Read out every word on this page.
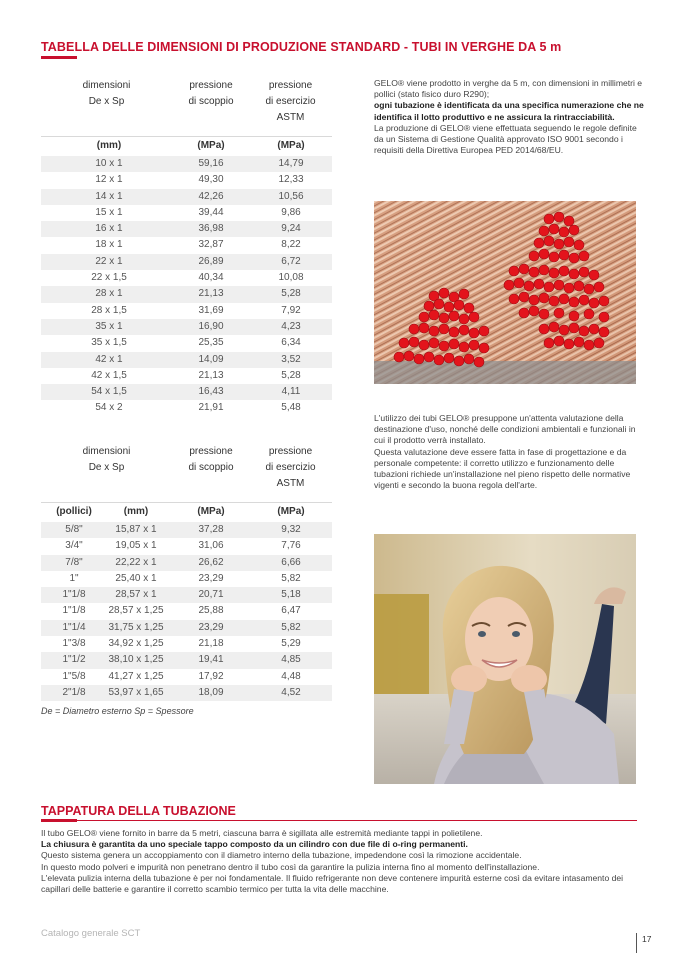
TABELLA DELLE DIMENSIONI DI PRODUZIONE STANDARD - TUBI IN VERGHE DA 5 m
dimensioni
De x Sp
pressione
di scoppio
pressione
di esercizio
ASTM
(mm)	(MPa)	(MPa)
10 x 1	59,16	14,79
12 x 1	49,30	12,33
14 x 1	42,26	10,56
15 x 1	39,44	9,86
16 x 1	36,98	9,24
18 x 1	32,87	8,22
22 x 1	26,89	6,72
22 x 1,5	40,34	10,08
28 x 1	21,13	5,28
28 x 1,5	31,69	7,92
35 x 1	16,90	4,23
35 x 1,5	25,35	6,34
42 x 1	14,09	3,52
42 x 1,5	21,13	5,28
54 x 1,5	16,43	4,11
54 x 2	21,91	5,48
dimensioni
De x Sp
pressione
di scoppio
pressione
di esercizio
ASTM
(pollici)	(mm)	(MPa)	(MPa)
5/8"	15,87 x 1	37,28	9,32
3/4"	19,05 x 1	31,06	7,76
7/8"	22,22 x 1	26,62	6,66
1"	25,40 x 1	23,29	5,82
1"1/8	28,57 x 1	20,71	5,18
1"1/8 28,57 x 1,25	25,88	6,47
1"1/4 31,75 x 1,25	23,29	5,82
1"3/8 34,92 x 1,25	21,18	5,29
1"1/2 38,10 x 1,25	19,41	4,85
1"5/8 41,27 x 1,25	17,92	4,48
2"1/8 53,97 x 1,65	18,09	4,52
De = Diametro esterno Sp = Spessore

GELO® viene prodotto in verghe da 5 m, con dimensioni in millimetri e pollici (stato fisico duro R290);

ogni tubazione è identificata da una specifica numerazione che ne identifica il lotto produttivo e ne assicura la rintracciabilità.

La produzione di GELO® viene effettuata seguendo le regole definite da un Sistema di Gestione Qualità approvato ISO 9001 secondo i requisiti della Direttiva Europea PED 2014/68/EU.

L'utilizzo dei tubi GELO® presuppone un'attenta valutazione della destinazione d'uso, nonché delle condizioni ambientali e funzionali in cui il prodotto verrà installato.

Questa valutazione deve essere fatta in fase di progettazione e da personale competente: il corretto utilizzo e funzionamento delle tubazioni richiede un'installazione nel pieno rispetto delle normative vigenti e secondo la buona regola dell'arte.

TAPPATURA DELLA TUBAZIONE
Il tubo GELO® viene fornito in barre da 5 metri, ciascuna barra è sigillata alle estremità mediante tappi in polietilene.
La chiusura è garantita da uno speciale tappo composto da un cilindro con due file di o-ring permanenti.
Questo sistema genera un accoppiamento con il diametro interno della tubazione, impedendone così la rimozione accidentale.
In questo modo polveri e impurità non penetrano dentro il tubo così da garantire la pulizia interna fino al momento dell'installazione.
L'elevata pulizia interna della tubazione è per noi fondamentale. Il fluido refrigerante non deve contenere impurità esterne così da evitare intasamento dei capillari delle batterie e garantire il corretto scambio termico per tutta la vita delle macchine.
Catalogo generale SCT	17
